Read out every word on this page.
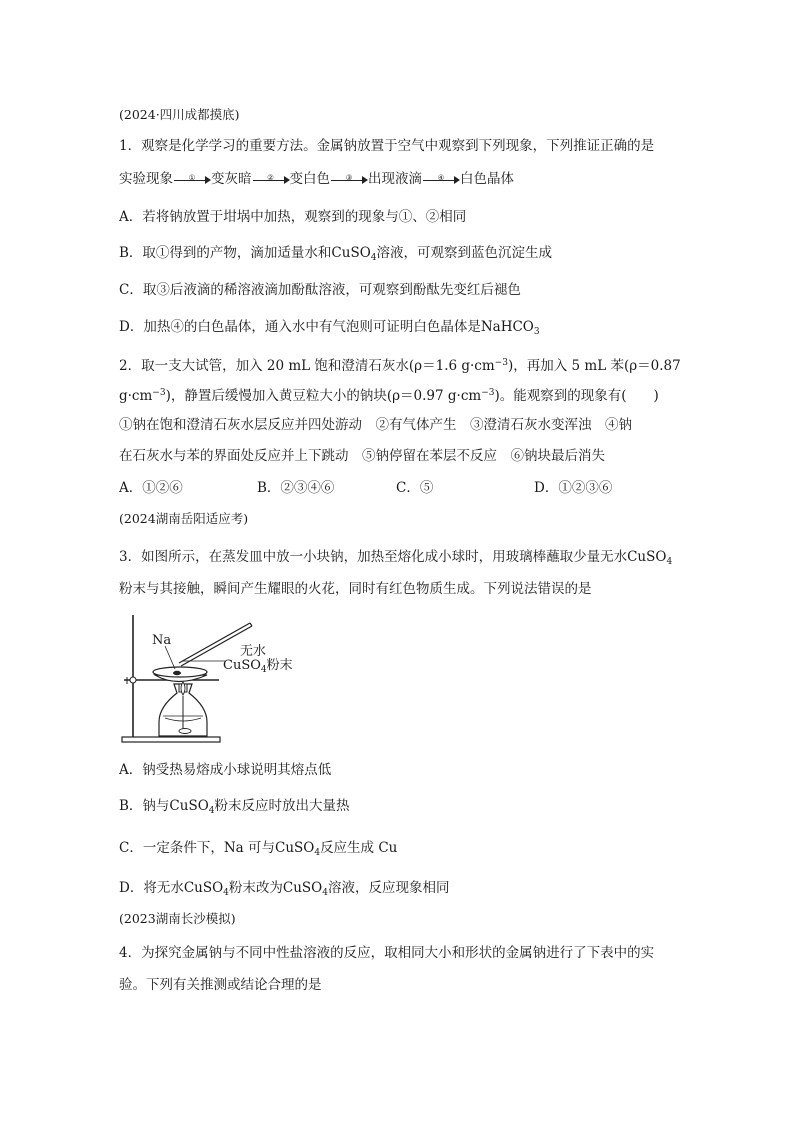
(2024·四川成都摸底)
1．观察是化学学习的重要方法。金属钠放置于空气中观察到下列现象，下列推证正确的是
实验现象	①	变灰暗	②	变白色	③	出现液滴	④	白色晶体
A．若将钠放置于坩埚中加热，观察到的现象与①、②相同
B．取①得到的产物，滴加适量水和CuSO$_4$溶液，可观察到蓝色沉淀生成
C．取③后液滴的稀溶液滴加酚酞溶液，可观察到酚酞先变红后褪色
D．加热④的白色晶体，通入水中有气泡则可证明白色晶体是NaHCO$_3$
2．取一支大试管，加入 20 mL 饱和澄清石灰水(ρ＝1.6 $g\cdot cm^{-3}$)，再加入 5 mL 苯(ρ＝0.87
$g\cdot cm^{-3}$)，静置后缓慢加入黄豆粒大小的钠块(ρ＝0.97 $g\cdot cm^{-3}$)。能观察到的现象有(　　)
①钠在饱和澄清石灰水层反应并四处游动　②有气体产生　③澄清石灰水变浑浊　④钠
在石灰水与苯的界面处反应并上下跳动　⑤钠停留在苯层不反应　⑥钠块最后消失
A．①②⑥	B．②③④⑥	C．⑤	D．①②③⑥
(2024湖南岳阳适应考)
3．如图所示，在蒸发皿中放一小块钠，加热至熔化成小球时，用玻璃棒蘸取少量无水CuSO$_4$
粉末与其接触，瞬间产生耀眼的火花，同时有红色物质生成。下列说法错误的是
Na
无水
CuSO$_4$粉末
A．钠受热易熔成小球说明其熔点低
B．钠与CuSO$_4$粉末反应时放出大量热
C．一定条件下，Na 可与CuSO$_4$反应生成 Cu
D．将无水CuSO$_4$粉末改为CuSO$_4$溶液，反应现象相同
(2023湖南长沙模拟)
4．为探究金属钠与不同中性盐溶液的反应，取相同大小和形状的金属钠进行了下表中的实
验。下列有关推测或结论合理的是
